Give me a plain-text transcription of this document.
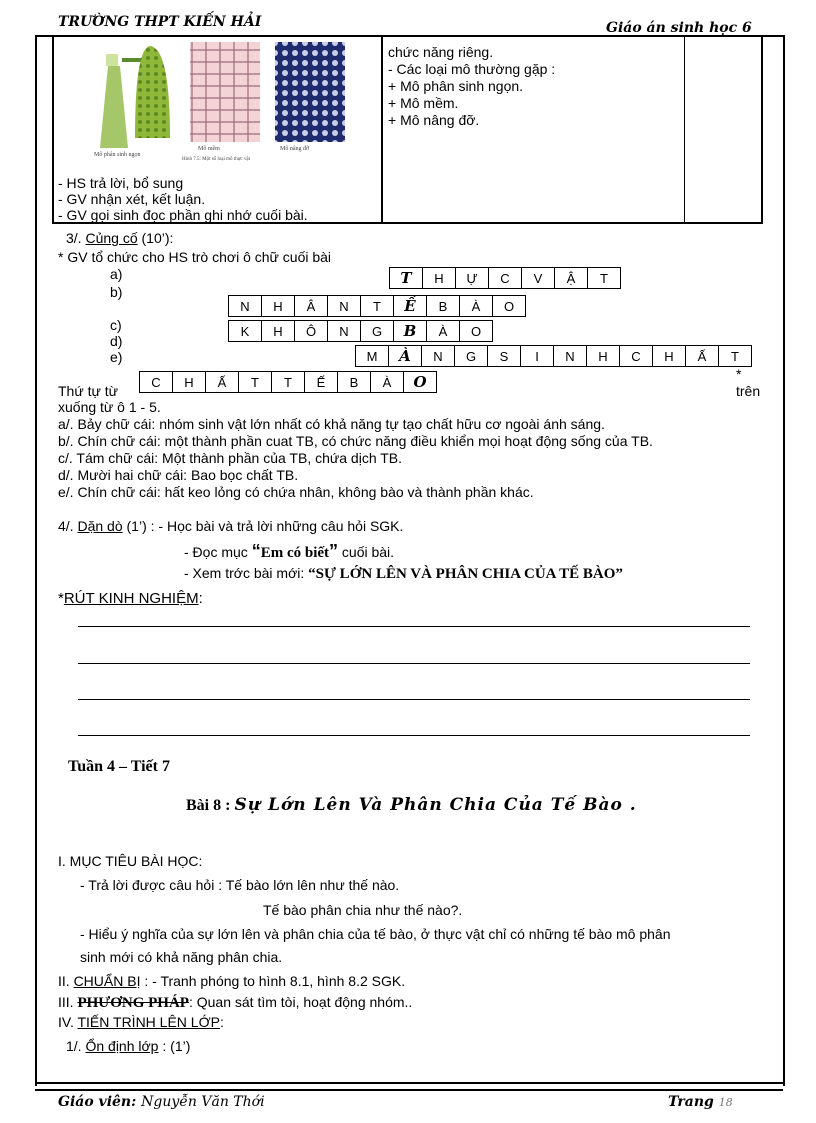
TRƯỜNG THPT KIẾN HẢI	Giáo án sinh học 6
Mô phân sinh ngọn
Mô mềm	Mô nâng đỡ
Hình 7.5: Một số loại mô thực vật
- HS trả lời, bổ sung
- GV nhận xét, kết luận.
- GV gọi sinh đọc phần ghi nhớ cuối bài.
chức năng riêng.
- Các loại mô thường gặp :
+ Mô phân sinh ngọn.
+ Mô mềm.
+ Mô nâng đỡ.
3/. Củng cố (10’):
* GV tổ chức cho HS trò chơi ô chữ cuối bài
a)
b)
c)
d)
e)
T	H	Ự	C	V	Ậ	T
N	H	Â	N	T	Ế	B	À	O
K	H	Ô	N	G	B	À	O
M	À	N	G	S	I	N	H	C	H	Ấ	T
C	H	Ấ	T	T	Ế	B	À	O
Thứ tự từ
*
trên
xuống từ ô 1 - 5.
a/. Bảy chữ cái: nhóm sinh vật lớn nhất có khả năng tự tạo chất hữu cơ ngoài ánh sáng.
b/. Chín chữ cái: một thành phần cuat TB, có chức năng điều khiển mọi hoạt động sống của TB.
c/. Tám chữ cái: Một thành phần của TB, chứa dịch TB.
d/. Mười hai chữ cái: Bao bọc chất TB.
e/. Chín chữ cái: hất keo lỏng có chứa nhân, không bào và thành phần khác.
4/. Dặn dò (1’) : - Học bài và trả lời những câu hỏi SGK.
- Đọc mục “Em có biết” cuối bài.
- Xem trớc bài mới: “SỰ LỚN LÊN VÀ PHÂN CHIA CỦA TẾ BÀO”
*RÚT KINH NGHIỆM:
Tuần 4 – Tiết 7
Bài 8 : Sự Lớn Lên Và Phân Chia Của Tế Bào .
I. MỤC TIÊU BÀI HỌC:
- Trả lời được câu hỏi : Tế bào lớn lên như thế nào.
Tế bào phân chia như thế nào?.
- Hiểu ý nghĩa của sự lớn lên và phân chia của tế bào, ở thực vật chỉ có những tế bào mô phân
sinh mới có khả năng phân chia.
II. CHUẨN BỊ : - Tranh phóng to hình 8.1, hình 8.2 SGK.
III. PHƯƠNG PHÁP: Quan sát tìm tòi, hoạt động nhóm..
IV. TIẾN TRÌNH LÊN LỚP:
1/. Ổn định lớp : (1’)
Giáo viên: Nguyễn Văn Thới	Trang 18
